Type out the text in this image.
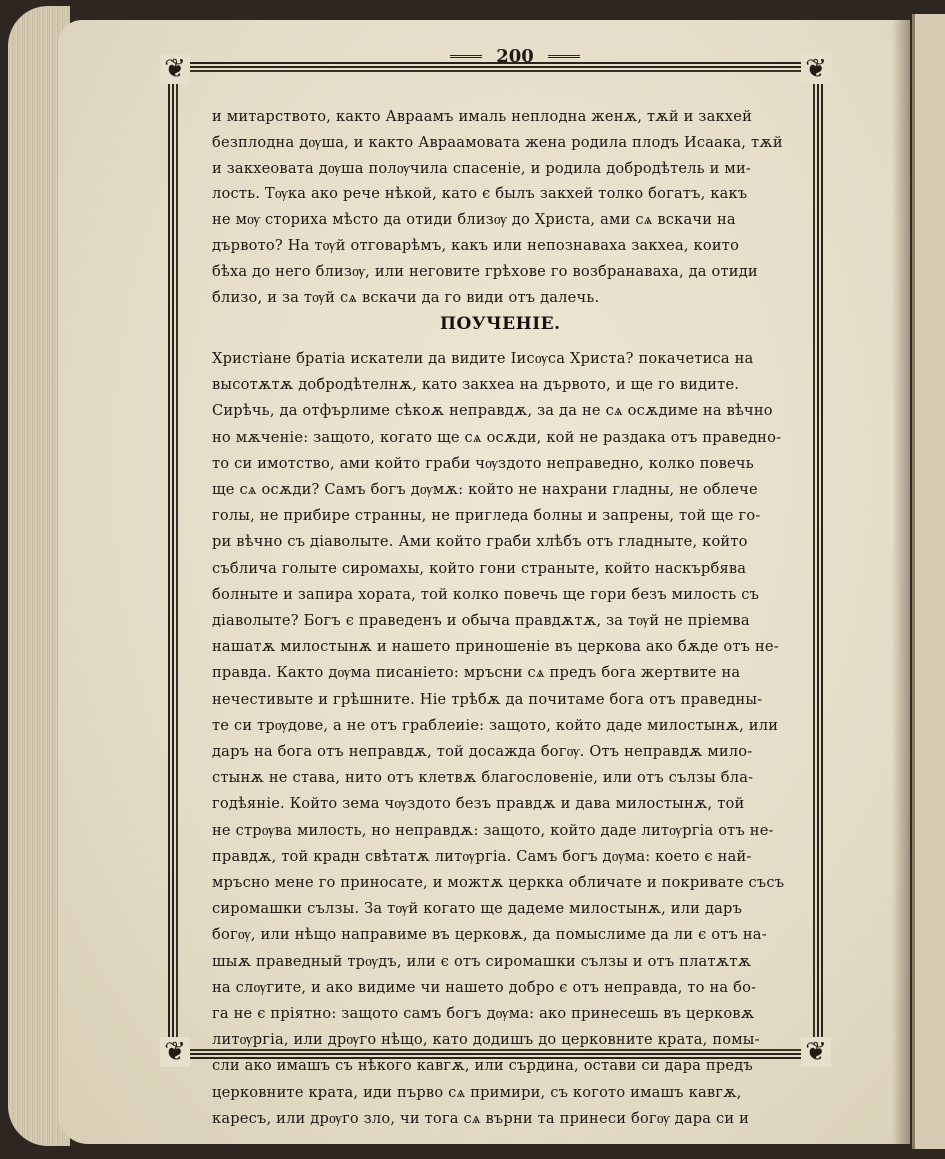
200
❦	❦
❦	❦
и митарството, както Авраамъ ималь неплодна женѫ, тѫй и закхей
безплодна дѹша, и както Авраамовата жена родила плодъ Исаака, тѫй
и закхеовата дѹша полѹчила спасеніе, и родила добродѣтель и ми-
лость. Тѹка ако рече нѣкой, като є былъ закхей толко богатъ, какъ
не мѹ сториха мѣсто да отиди близѹ до Христа, ами сѧ вскачи на
дървото? На тѹй отговарѣмъ, какъ или непознаваха закхеа, които
бѣха до него близѹ, или неговите грѣхове го возбранаваха, да отиди
близо, и за тѹй сѧ вскачи да го види отъ далечь.
ПОУЧЕНІЕ.
Христіане братіа искатели да видите Іисѹса Христа? покачетиса на
высотѫтѫ добродѣтелнѫ, като закхеа на дървото, и ще го видите.
Сирѣчь, да отфърлиме сѣкоѫ неправдѫ, за да не сѧ осѫдиме на вѣчно
но мѫченіе: защото, когато ще сѧ осѫди, кой не раздака отъ праведно-
то си имотство, ами който граби чѹздото неправедно, колко повечь
ще сѧ осѫди? Самъ богъ дѹмѫ: който не нахрани гладны, не облече
голы, не прибире странны, не пригледа болны и запрены, той ще го-
ри вѣчно съ діаволыте. Ами който граби хлѣбъ отъ гладныте, който
съблича голыте сиромахы, който гони страныте, който наскърбява
болныте и запира хората, той колко повечь ще гори безъ милость съ
діаволыте? Богъ є праведенъ и обыча правдѫтѫ, за тѹй не пріемва
нашатѫ милостынѫ и нашето приношеніе въ церкова ако бѫде отъ не-
правда. Както дѹма писаніето: мръсни сѧ предъ бога жертвите на
нечестивыте и грѣшните. Ніе трѣбѫ да почитаме бога отъ праведны-
те си трѹдове, а не отъ граблеиіе: защото, който даде милостынѫ, или
даръ на бога отъ неправдѫ, той досажда богѹ. Отъ неправдѫ мило-
стынѫ не става, нито отъ клетвѫ благословеніе, или отъ сълзы бла-
годѣяніе. Който зема чѹздото безъ правдѫ и дава милостынѫ, той
не стрѹва милость, но неправдѫ: защото, който даде литѹргіа отъ не-
правдѫ, той крадн свѣтатѫ литѹргіа. Самъ богъ дѹма: което є най-
мръсно мене го приносате, и можтѫ церкка обличате и покривате съсъ
сиромашки сълзы. За тѹй когато ще дадеме милостынѫ, или даръ
богѹ, или нѣщо направиме въ церковѫ, да помыслиме да ли є отъ на-
шыѫ праведный трѹдъ, или є отъ сиромашки сълзы и отъ платѫтѫ
на слѹгите, и ако видиме чи нашето добро є отъ неправда, то на бо-
га не є пріятно: защото самъ богъ дѹма: ако принесешь въ церковѫ
литѹргіа, или дрѹго нѣщо, като додишъ до церковните крата, помы-
сли ако имашъ съ нѣкого кавгѫ, или сърдина, остави си дара предъ
церковните крата, иди първо сѧ примири, съ когото имашъ кавгѫ,
каресъ, или дрѹго зло, чи тога сѧ върни та принеси богѹ дара си и
